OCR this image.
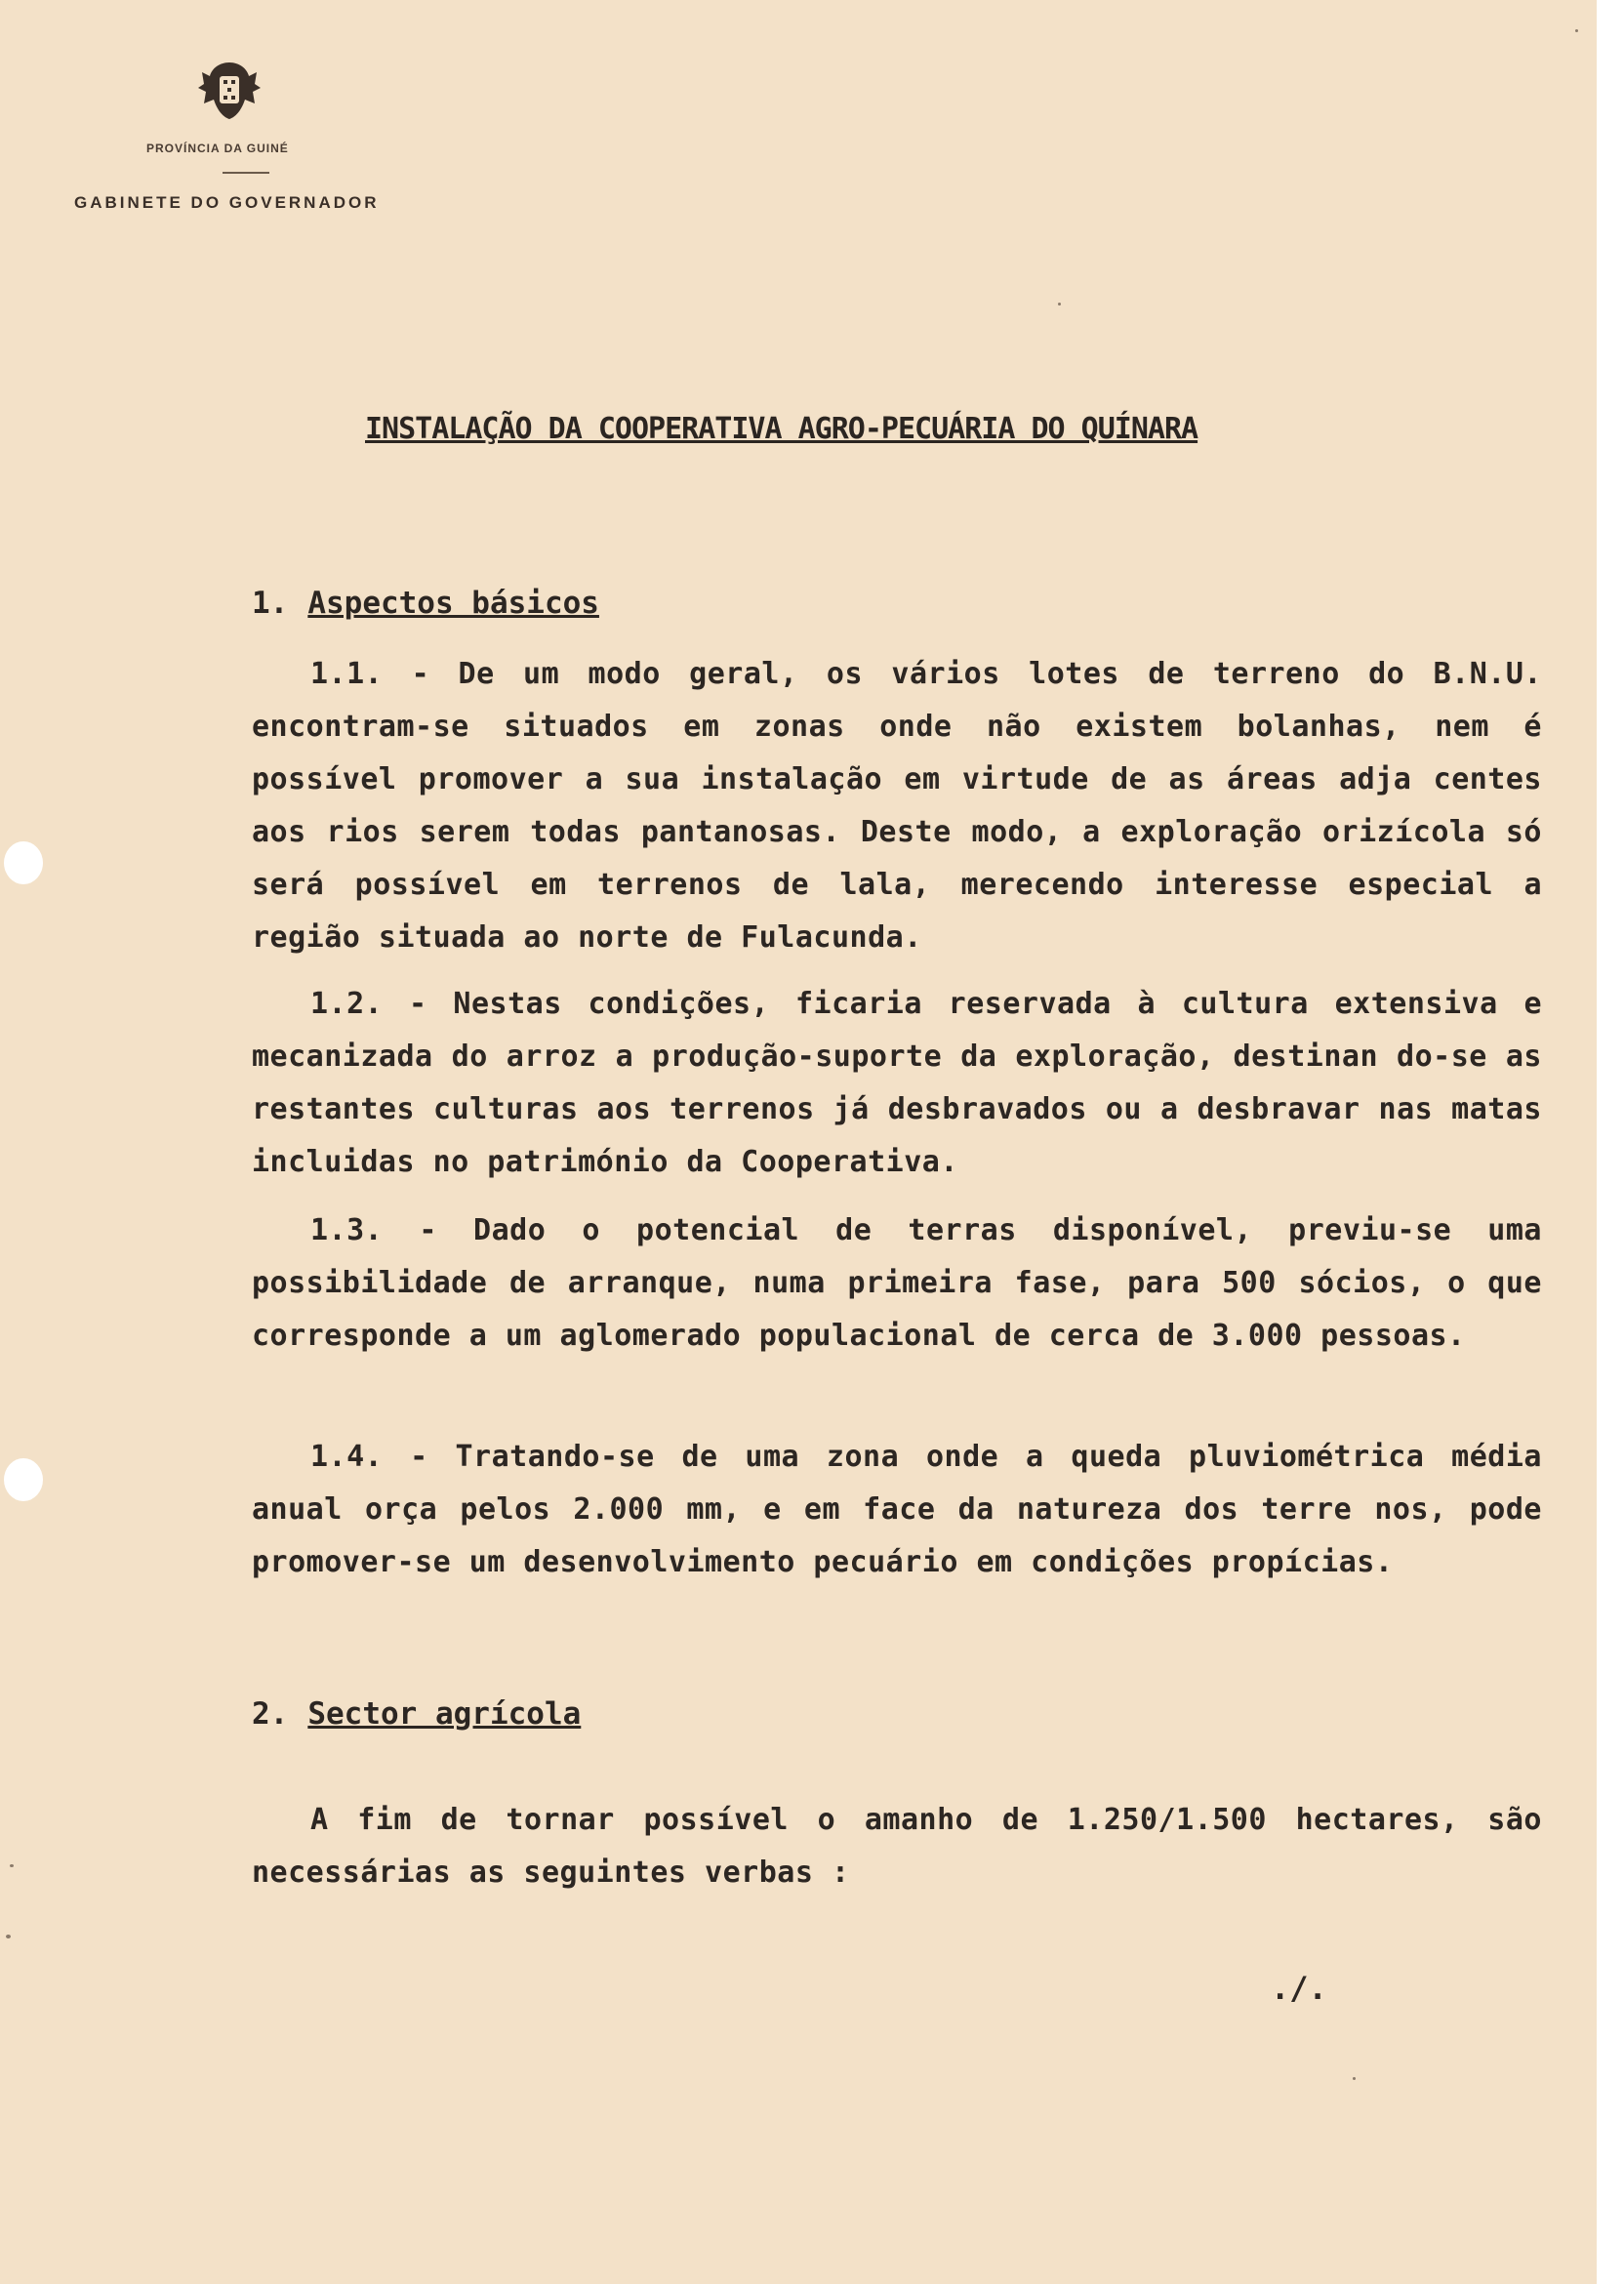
PROVÍNCIA DA GUINÉ
GABINETE DO GOVERNADOR
INSTALAÇÃO DA COOPERATIVA AGRO-PECUÁRIA DO QUÍNARA
1. Aspectos básicos
1.1. - De um modo geral, os vários lotes de terreno do B.N.U. encontram-se situados em zonas onde não existem bolanhas, nem é possível promover a sua instalação em virtude de as áreas adja centes aos rios serem todas pantanosas. Deste modo, a exploração orizícola só será possível em terrenos de lala, merecendo interesse especial a região situada ao norte de Fulacunda.
1.2. - Nestas condições, ficaria reservada à cultura extensiva e mecanizada do arroz a produção-suporte da exploração, destinan do-se as restantes culturas aos terrenos já desbravados ou a desbravar nas matas incluidas no património da Cooperativa.
1.3. - Dado o potencial de terras disponível, previu-se uma possibilidade de arranque, numa primeira fase, para 500 sócios, o que corresponde a um aglomerado populacional de cerca de 3.000 pessoas.
1.4. - Tratando-se de uma zona onde a queda pluviométrica média anual orça pelos 2.000 mm, e em face da natureza dos terre nos, pode promover-se um desenvolvimento pecuário em condições propícias.
2. Sector agrícola
A fim de tornar possível o amanho de 1.250/1.500 hectares, são necessárias as seguintes verbas :
./.
